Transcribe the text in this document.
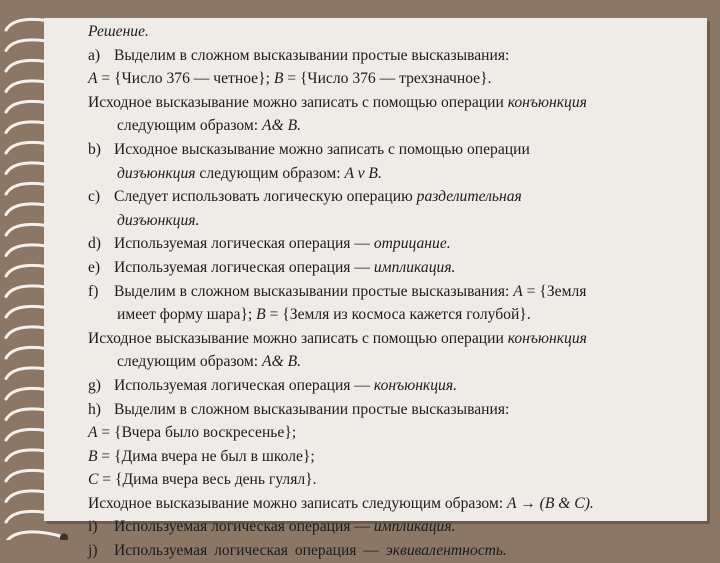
Решение.
a) Выделим в сложном высказывании простые высказывания:
A = {Число 376 — четное}; B = {Число 376 — трехзначное}.
Исходное высказывание можно записать с помощью операции конъюнкция
следующим образом: A& B.
b) Исходное высказывание можно записать с помощью операции
дизъюнкция следующим образом: A v B.
c) Следует использовать логическую операцию разделительная
дизъюнкция.
d) Используемая логическая операция — отрицание.
e) Используемая логическая операция — импликация.
f) Выделим в сложном высказывании простые высказывания: A = {Земля
имеет форму шара}; B = {Земля из космоса кажется голубой}.
Исходное высказывание можно записать с помощью операции конъюнкция
следующим образом: A& B.
g) Используемая логическая операция — конъюнкция.
h) Выделим в сложном высказывании простые высказывания:
A = {Вчера было воскресенье};
B = {Дима вчера не был в школе};
C = {Дима вчера весь день гулял}.
Исходное высказывание можно записать следующим образом: A → (B & C).
i) Используемая логическая операция — импликация.
j) Используемая логическая операция — эквивалентность.
